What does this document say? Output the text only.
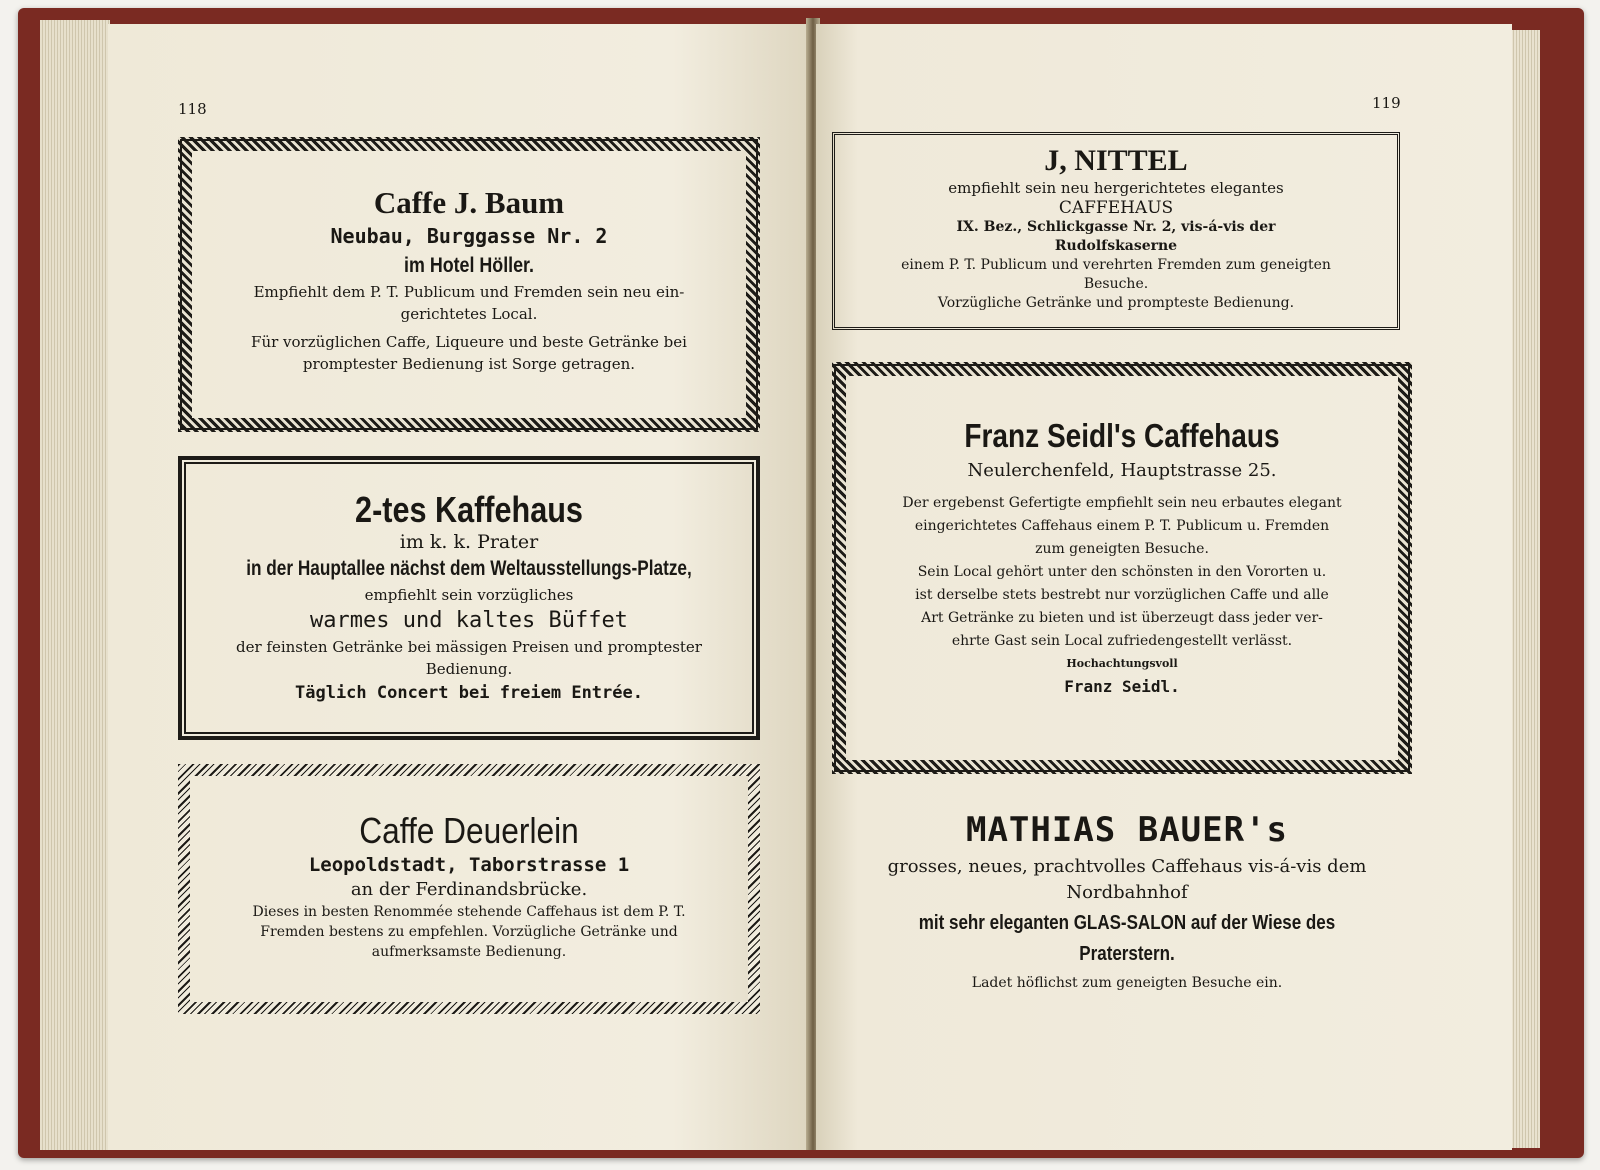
118
Caffe J. Baum
Neubau, Burggasse Nr. 2
im Hotel Höller.
Empfiehlt dem P. T. Publicum und Fremden sein neu ein-
gerichtetes Local.
Für vorzüglichen Caffe, Liqueure und beste Getränke bei
promptester Bedienung ist Sorge getragen.
2-tes Kaffehaus
im k. k. Prater
in der Hauptallee nächst dem Weltausstellungs-Platze,
empfiehlt sein vorzügliches
warmes und kaltes Büffet
der feinsten Getränke bei mässigen Preisen und promptester
Bedienung.
Täglich Concert bei freiem Entrée.
Caffe Deuerlein
Leopoldstadt, Taborstrasse 1
an der Ferdinandsbrücke.
Dieses in besten Renommée stehende Caffehaus ist dem P. T.
Fremden bestens zu empfehlen. Vorzügliche Getränke und
aufmerksamste Bedienung.
119
J, NITTEL
empfiehlt sein neu hergerichtetes elegantes
CAFFEHAUS
IX. Bez., Schlickgasse Nr. 2, vis-á-vis der
Rudolfskaserne
einem P. T. Publicum und verehrten Fremden zum geneigten
Besuche.
Vorzügliche Getränke und prompteste Bedienung.
Franz Seidl's Caffehaus
Neulerchenfeld, Hauptstrasse 25.
Der ergebenst Gefertigte empfiehlt sein neu erbautes elegant
eingerichtetes Caffehaus einem P. T. Publicum u. Fremden
zum geneigten Besuche.
Sein Local gehört unter den schönsten in den Vororten u.
ist derselbe stets bestrebt nur vorzüglichen Caffe und alle
Art Getränke zu bieten und ist überzeugt dass jeder ver-
ehrte Gast sein Local zufriedengestellt verlässt.
Hochachtungsvoll
Franz Seidl.
MATHIAS BAUER's
grosses, neues, prachtvolles Caffehaus vis-á-vis dem
Nordbahnhof
mit sehr eleganten GLAS-SALON auf der Wiese des
Praterstern.
Ladet höflichst zum geneigten Besuche ein.
